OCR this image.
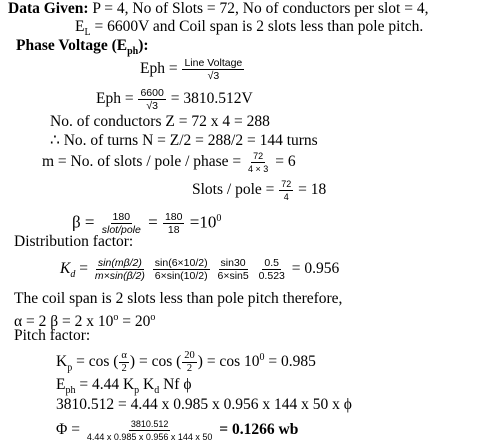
Data Given: P = 4, No of Slots = 72, No of conductors per slot = 4,
$E_L = 6600V$ and Coil span is 2 slots less than pole pitch.
Phase Voltage $(E_{ph})$:
Eph = $\frac{\text{Line Voltage}}{√3}$
Eph = $\frac{6600}{√3} = 3810.512V$
No. of conductors Z = 72 x 4 = 288
∴ No. of turns N = Z/2 = 288/2 = 144 turns
m = No. of slots / pole / phase = $\frac{72}{4 \times 3} = 6$
Slots / pole = $\frac{72}{4} = 18$
$\beta = \frac{180}{\text{slot/pole}} = \frac{180}{18} =10^0$
Distribution factor:
$K_d = \frac{\sin(m\beta/2)}{m\times\sin(\beta/2)}$
$\frac{\sin(6\times 10/2)}{6\times\sin(10/2)}$
$\frac{\sin 30}{6\times\sin 5}$
$\frac{0.5}{0.523} = 0.956$
The coil span is 2 slots less than pole pitch therefore,
α = 2 β = 2 x $10^o = 20^o$
Pitch factor:
$K_p = \cos$ ( $\frac{\alpha}{2}$ ) = cos ( $\frac{20}{2}$ ) = $\cos 10^0 = 0.985$
$E_{ph} = 4.44$ $K_p$ $K_d$ Nf ϕ
3810.512 = 4.44 x 0.985 x 0.956 x 144 x 50 x ϕ
$\Phi = \frac{3810.512}{4.44 x 0.985 x 0.956 x 144 x 50} = 0.1266$ wb
